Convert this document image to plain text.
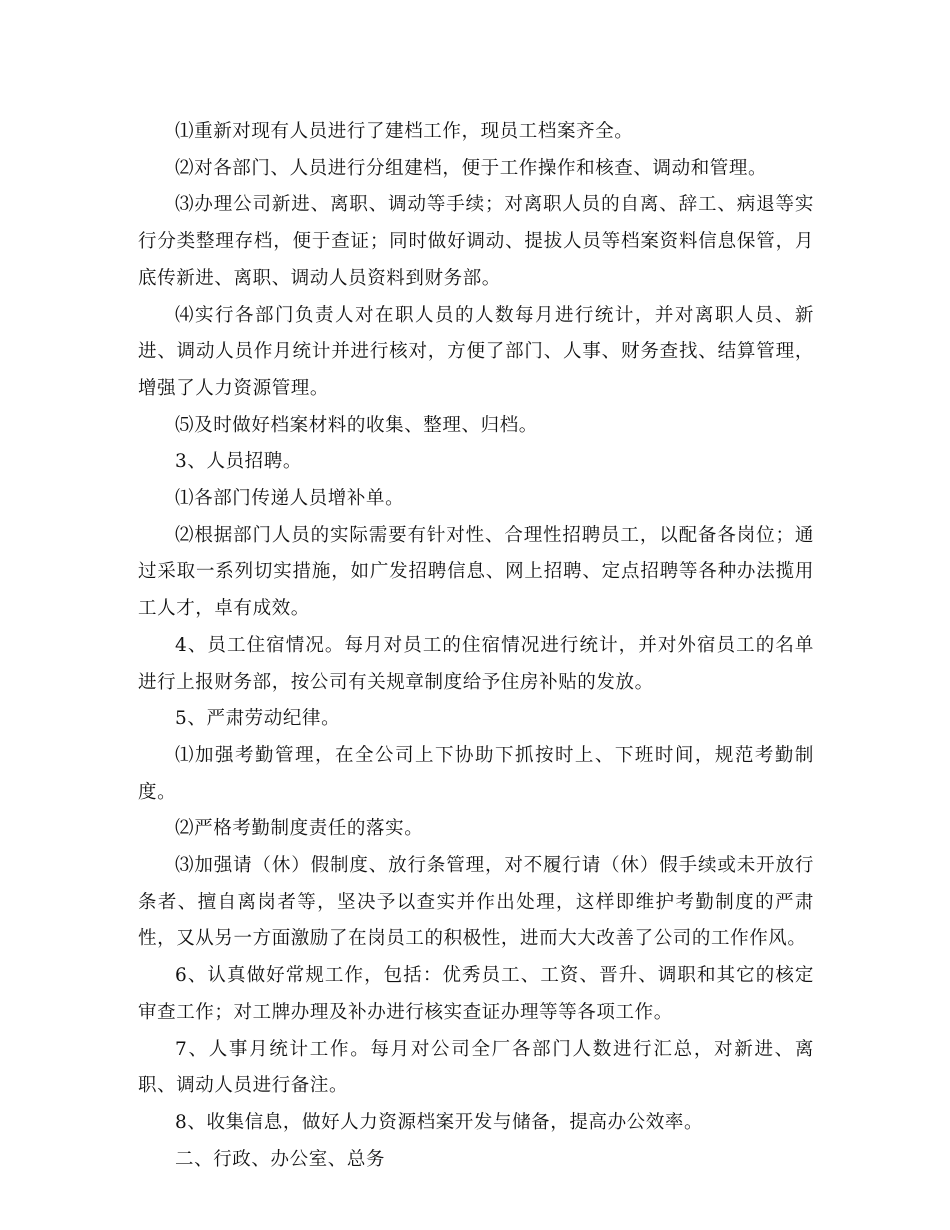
⑴重新对现有人员进行了建档工作，现员工档案齐全。

⑵对各部门、人员进行分组建档，便于工作操作和核查、调动和管理。

⑶办理公司新进、离职、调动等手续；对离职人员的自离、辞工、病退等实行分类整理存档，便于查证；同时做好调动、提拔人员等档案资料信息保管，月底传新进、离职、调动人员资料到财务部。

⑷实行各部门负责人对在职人员的人数每月进行统计，并对离职人员、新进、调动人员作月统计并进行核对，方便了部门、人事、财务查找、结算管理，增强了人力资源管理。

⑸及时做好档案材料的收集、整理、归档。

3、人员招聘。

⑴各部门传递人员增补单。

⑵根据部门人员的实际需要有针对性、合理性招聘员工，以配备各岗位；通过采取一系列切实措施，如广发招聘信息、网上招聘、定点招聘等各种办法揽用工人才，卓有成效。

4、员工住宿情况。每月对员工的住宿情况进行统计，并对外宿员工的名单进行上报财务部，按公司有关规章制度给予住房补贴的发放。

5、严肃劳动纪律。

⑴加强考勤管理，在全公司上下协助下抓按时上、下班时间，规范考勤制度。

⑵严格考勤制度责任的落实。

⑶加强请（休）假制度、放行条管理，对不履行请（休）假手续或未开放行条者、擅自离岗者等，坚决予以查实并作出处理，这样即维护考勤制度的严肃性，又从另一方面激励了在岗员工的积极性，进而大大改善了公司的工作作风。

6、认真做好常规工作，包括：优秀员工、工资、晋升、调职和其它的核定审查工作；对工牌办理及补办进行核实查证办理等等各项工作。

7、人事月统计工作。每月对公司全厂各部门人数进行汇总，对新进、离职、调动人员进行备注。

8、收集信息，做好人力资源档案开发与储备，提高办公效率。

二、行政、办公室、总务
